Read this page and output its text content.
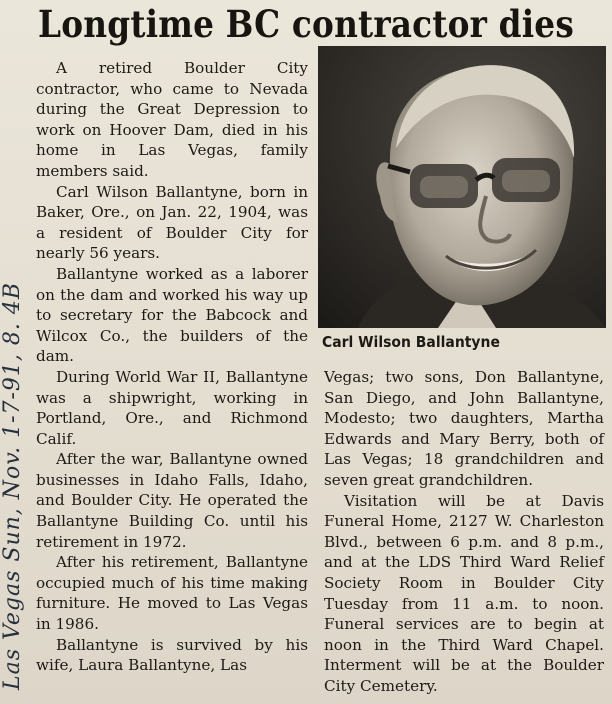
Longtime BC contractor dies

A retired Boulder City contractor, who came to Nevada during the Great Depression to work on Hoover Dam, died in his home in Las Vegas, family members said.

Carl Wilson Ballantyne, born in Baker, Ore., on Jan. 22, 1904, was a resident of Boulder City for nearly 56 years.

Ballantyne worked as a laborer on the dam and worked his way up to secretary for the Babcock and Wilcox Co., the builders of the dam.

During World War II, Ballantyne was a shipwright, working in Portland, Ore., and Richmond Calif.

After the war, Ballantyne owned businesses in Idaho Falls, Idaho, and Boulder City. He operated the Ballantyne Building Co. until his retirement in 1972.

After his retirement, Ballantyne occupied much of his time making furniture. He moved to Las Vegas in 1986.

Ballantyne is survived by his wife, Laura Ballantyne, Las

Carl Wilson Ballantyne

Vegas; two sons, Don Ballantyne, San Diego, and John Ballantyne, Modesto; two daughters, Martha Edwards and Mary Berry, both of Las Vegas; 18 grandchildren and seven great grandchildren.

Visitation will be at Davis Funeral Home, 2127 W. Charleston Blvd., between 6 p.m. and 8 p.m., and at the LDS Third Ward Relief Society Room in Boulder City Tuesday from 11 a.m. to noon. Funeral services are to begin at noon in the Third Ward Chapel. Interment will be at the Boulder City Cemetery.

Las Vegas Sun, Nov. 1-7-91, 8. 4B
